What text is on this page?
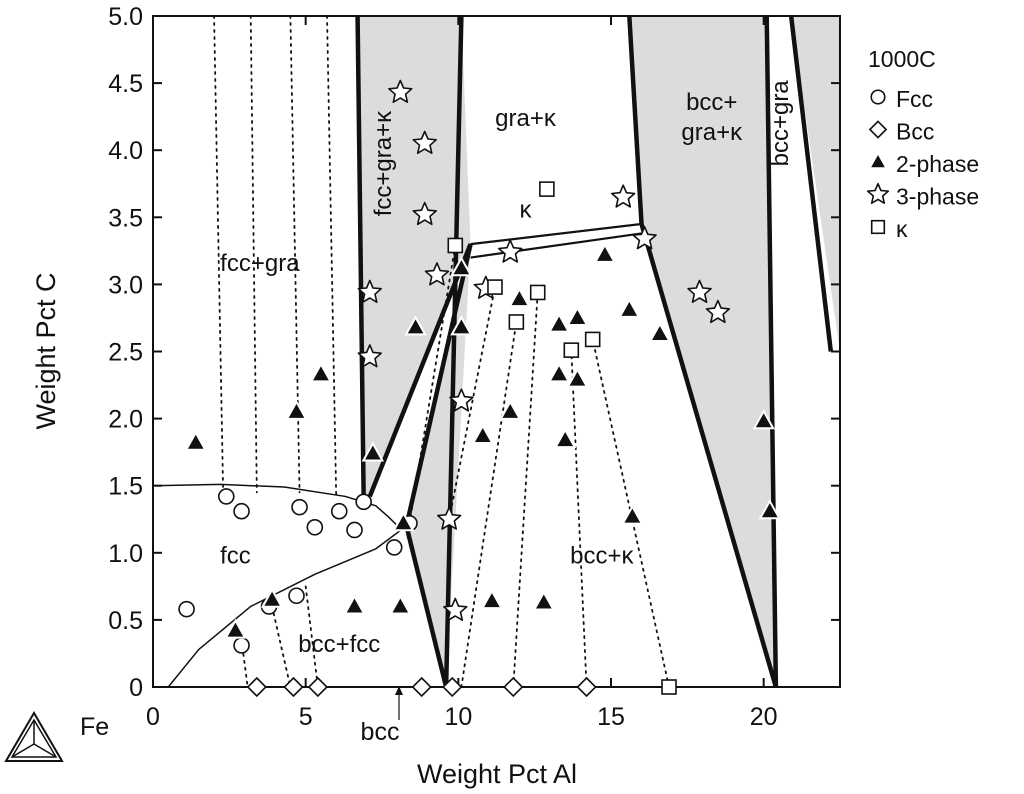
0
0.5
1.0
1.5
2.0
2.5
3.0
3.5
4.0
4.5
5.0
0	5	10	15	20
fcc+gra
fcc
bcc+fcc
gra+κ
κ
bcc+κ
bcc+ gra+κ
fcc+gra+κ	bcc+gra
Weight Pct Al
Weight Pct C
Fe	bcc
1000C
Fcc
Bcc
2-phase
3-phase
κ
